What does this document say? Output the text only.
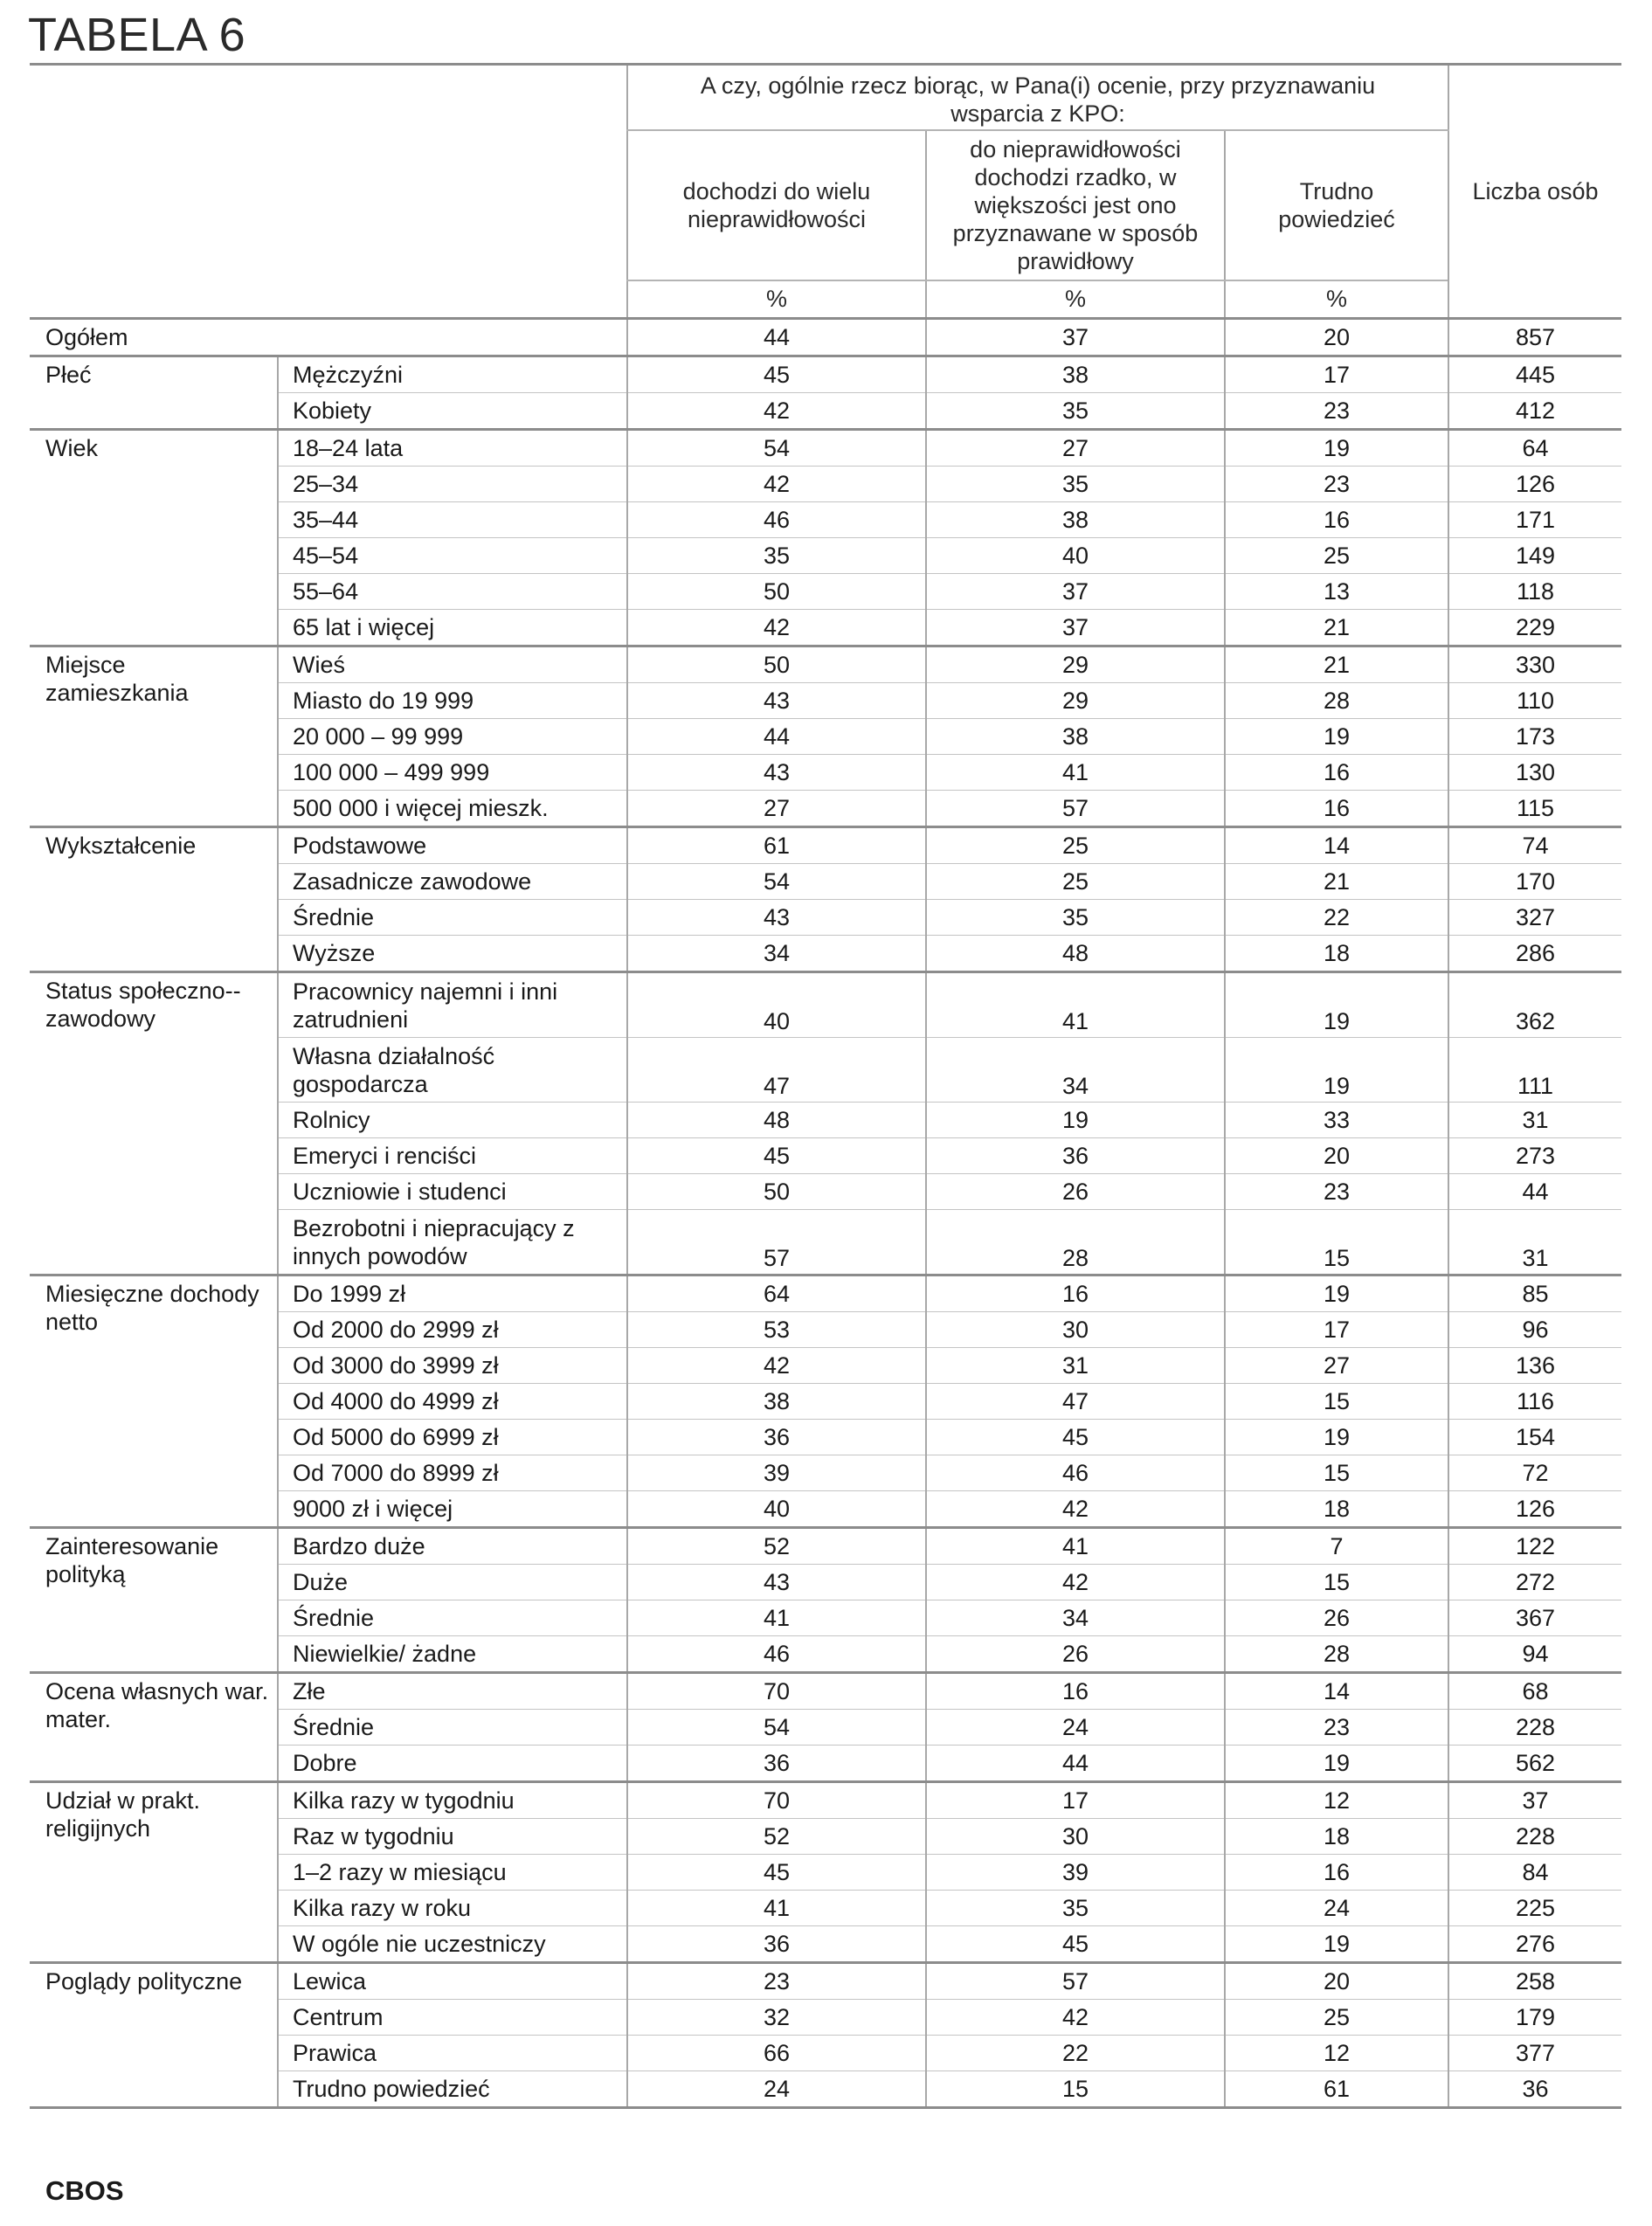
TABELA 6
		A czy, ogólnie rzecz biorąc, w Pana(i) ocenie, przy przyznawaniu wsparcia z KPO:			Liczba osób
		dochodzi do wielu nieprawidłowości	do nieprawidłowości dochodzi rzadko, w większości jest ono przyznawane w sposób prawidłowy	Trudno powiedzieć	
		%	%	%	
Ogółem		44	37	20	857
Płeć	Mężczyźni	45	38	17	445
	Kobiety	42	35	23	412
Wiek	18–24 lata	54	27	19	64
	25–34	42	35	23	126
	35–44	46	38	16	171
	45–54	35	40	25	149
	55–64	50	37	13	118
	65 lat i więcej	42	37	21	229
Miejsce zamieszkania	Wieś	50	29	21	330
	Miasto do 19 999	43	29	28	110
	20 000 – 99 999	44	38	19	173
	100 000 – 499 999	43	41	16	130
	500 000 i więcej mieszk.	27	57	16	115
Wykształcenie	Podstawowe	61	25	14	74
	Zasadnicze zawodowe	54	25	21	170
	Średnie	43	35	22	327
	Wyższe	34	48	18	286
Status społeczno--zawodowy	Pracownicy najemni i inni zatrudnieni	40	41	19	362
	Własna działalność gospodarcza	47	34	19	111
	Rolnicy	48	19	33	31
	Emeryci i renciści	45	36	20	273
	Uczniowie i studenci	50	26	23	44
	Bezrobotni i niepracujący z innych powodów	57	28	15	31
Miesięczne dochody netto	Do 1999 zł	64	16	19	85
	Od 2000 do 2999 zł	53	30	17	96
	Od 3000 do 3999 zł	42	31	27	136
	Od 4000 do 4999 zł	38	47	15	116
	Od 5000 do 6999 zł	36	45	19	154
	Od 7000 do 8999 zł	39	46	15	72
	9000 zł i więcej	40	42	18	126
Zainteresowanie polityką	Bardzo duże	52	41	7	122
	Duże	43	42	15	272
	Średnie	41	34	26	367
	Niewielkie/ żadne	46	26	28	94
Ocena własnych war. mater.	Złe	70	16	14	68
	Średnie	54	24	23	228
	Dobre	36	44	19	562
Udział w prakt. religijnych	Kilka razy w tygodniu	70	17	12	37
	Raz w tygodniu	52	30	18	228
	1–2 razy w miesiącu	45	39	16	84
	Kilka razy w roku	41	35	24	225
	W ogóle nie uczestniczy	36	45	19	276
Poglądy polityczne	Lewica	23	57	20	258
	Centrum	32	42	25	179
	Prawica	66	22	12	377
	Trudno powiedzieć	24	15	61	36
CBOS
